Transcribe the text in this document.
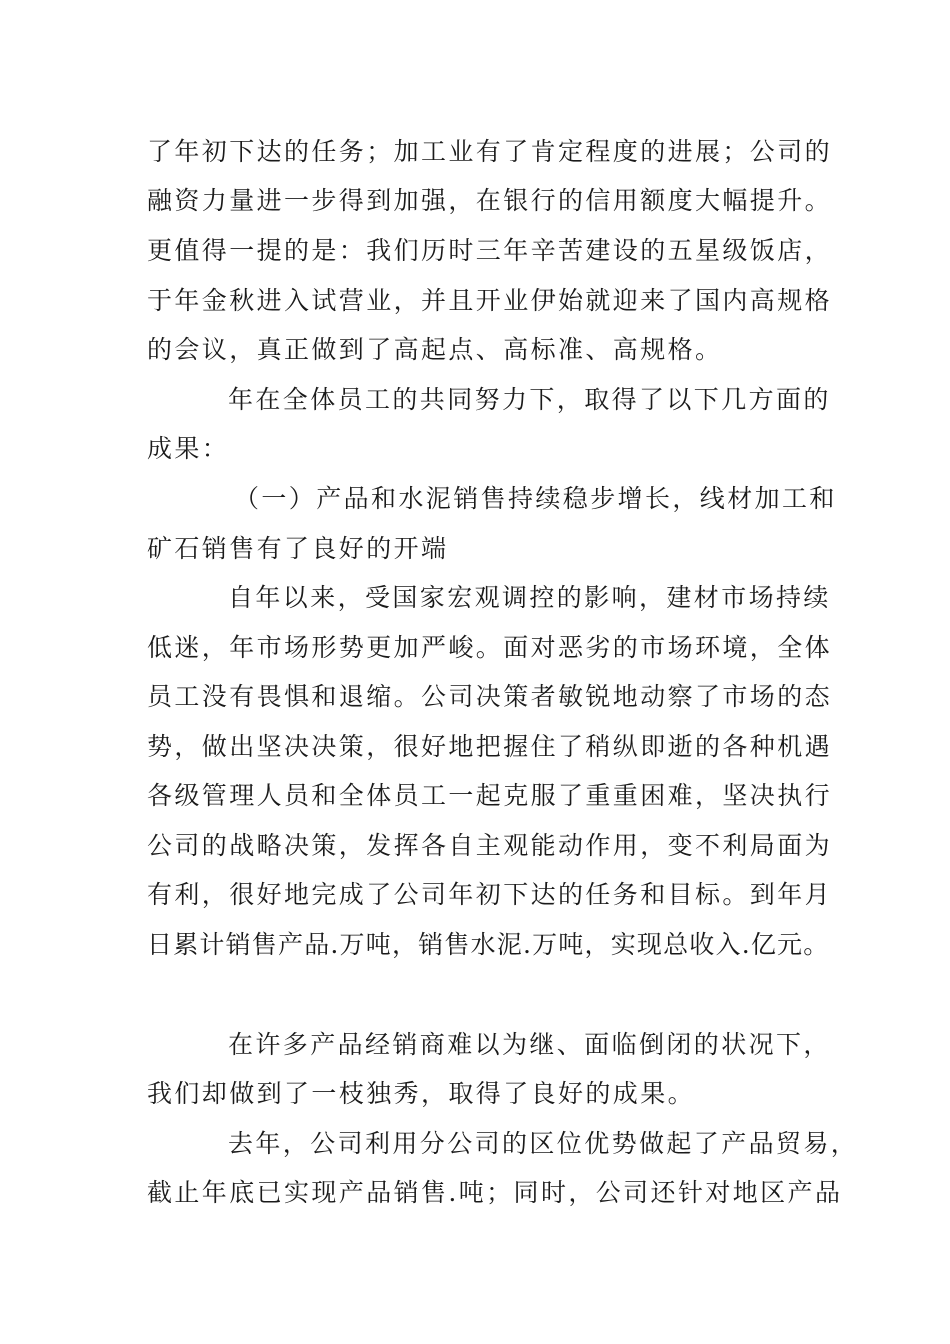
了年初下达的任务；加工业有了肯定程度的进展；公司的
融资力量进一步得到加强，在银行的信用额度大幅提升。
更值得一提的是：我们历时三年辛苦建设的五星级饭店，
于年金秋进入试营业，并且开业伊始就迎来了国内高规格
的会议，真正做到了高起点、高标准、高规格。
年在全体员工的共同努力下，取得了以下几方面的
成果：
（一）产品和水泥销售持续稳步增长，线材加工和
矿石销售有了良好的开端
自年以来，受国家宏观调控的影响，建材市场持续
低迷，年市场形势更加严峻。面对恶劣的市场环境，全体
员工没有畏惧和退缩。公司决策者敏锐地动察了市场的态
势，做出坚决决策，很好地把握住了稍纵即逝的各种机遇
各级管理人员和全体员工一起克服了重重困难，坚决执行
公司的战略决策，发挥各自主观能动作用，变不利局面为
有利，很好地完成了公司年初下达的任务和目标。到年月
日累计销售产品.万吨，销售水泥.万吨，实现总收入.亿元。
在许多产品经销商难以为继、面临倒闭的状况下，
我们却做到了一枝独秀，取得了良好的成果。
去年，公司利用分公司的区位优势做起了产品贸易，
截止年底已实现产品销售.吨；同时，公司还针对地区产品
